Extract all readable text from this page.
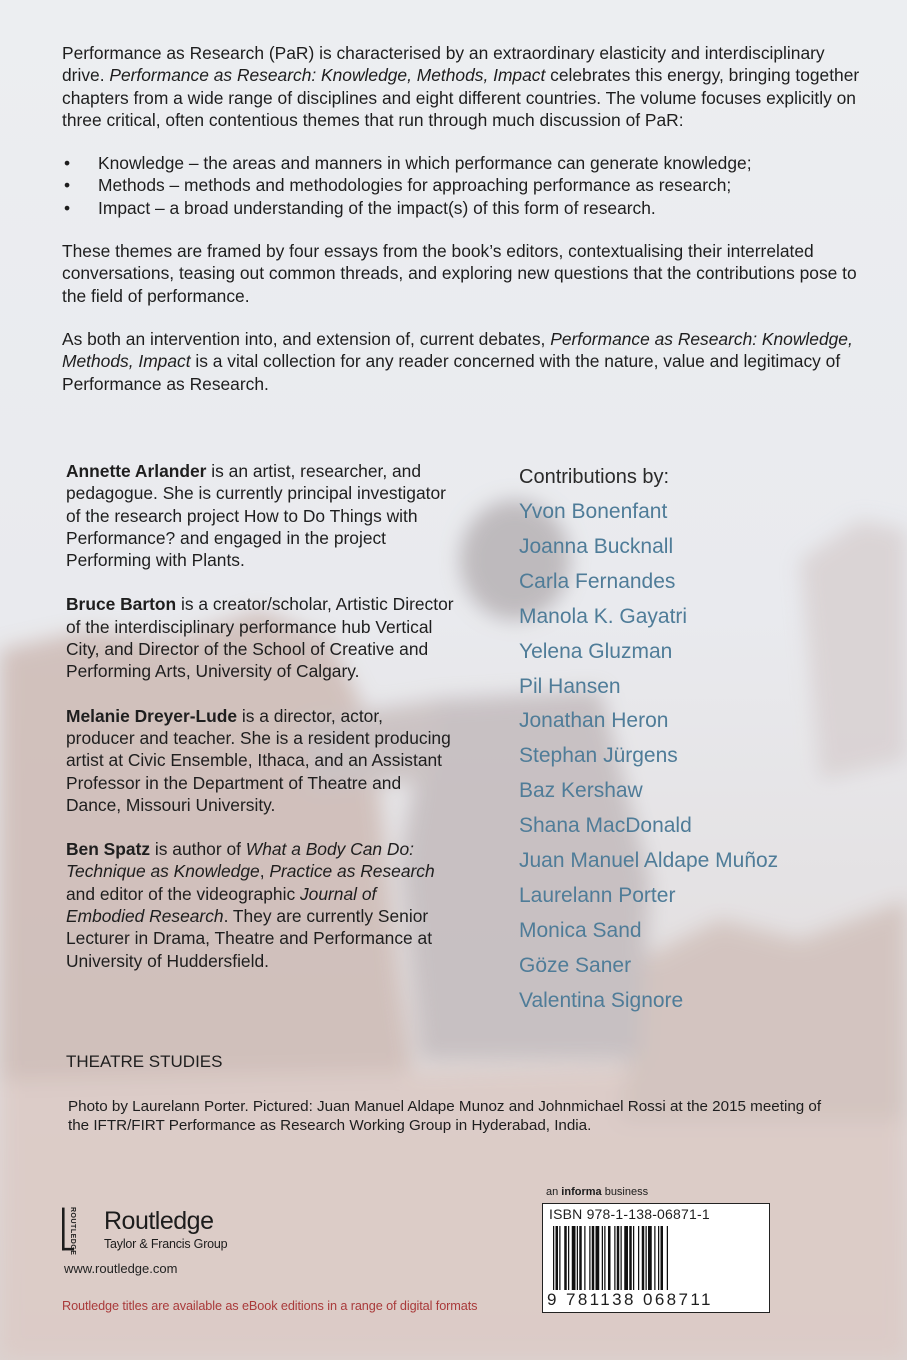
Performance as Research (PaR) is characterised by an extraordinary elasticity and interdisciplinary drive. Performance as Research: Knowledge, Methods, Impact celebrates this energy, bringing together chapters from a wide range of disciplines and eight different countries. The volume focuses explicitly on three critical, often contentious themes that run through much discussion of PaR:

• Knowledge – the areas and manners in which performance can generate knowledge;
• Methods – methods and methodologies for approaching performance as research;
• Impact – a broad understanding of the impact(s) of this form of research.

These themes are framed by four essays from the book’s editors, contextualising their interrelated conversations, teasing out common threads, and exploring new questions that the contributions pose to the field of performance.

As both an intervention into, and extension of, current debates, Performance as Research: Knowledge, Methods, Impact is a vital collection for any reader concerned with the nature, value and legitimacy of Performance as Research.

Annette Arlander is an artist, researcher, and pedagogue. She is currently principal investigator of the research project How to Do Things with Performance? and engaged in the project Performing with Plants.

Bruce Barton is a creator/scholar, Artistic Director of the interdisciplinary performance hub Vertical City, and Director of the School of Creative and Performing Arts, University of Calgary.

Melanie Dreyer-Lude is a director, actor, producer and teacher. She is a resident producing artist at Civic Ensemble, Ithaca, and an Assistant Professor in the Department of Theatre and Dance, Missouri University.

Ben Spatz is author of What a Body Can Do: Technique as Knowledge, Practice as Research and editor of the videographic Journal of Embodied Research. They are currently Senior Lecturer in Drama, Theatre and Performance at University of Huddersfield.

Contributions by:
Yvon Bonenfant
Joanna Bucknall
Carla Fernandes
Manola K. Gayatri
Yelena Gluzman
Pil Hansen
Jonathan Heron
Stephan Jürgens
Baz Kershaw
Shana MacDonald
Juan Manuel Aldape Muñoz
Laurelann Porter
Monica Sand
Göze Saner
Valentina Signore
THEATRE STUDIES
Photo by Laurelann Porter. Pictured: Juan Manuel Aldape Munoz and Johnmichael Rossi at the 2015 meeting of the IFTR/FIRT Performance as Research Working Group in Hyderabad, India.
ROUTLEDGE Routledge
Taylor & Francis Group
www.routledge.com
Routledge titles are available as eBook editions in a range of digital formats
an informa business
ISBN 978-1-138-06871-1
9 781138 068711
